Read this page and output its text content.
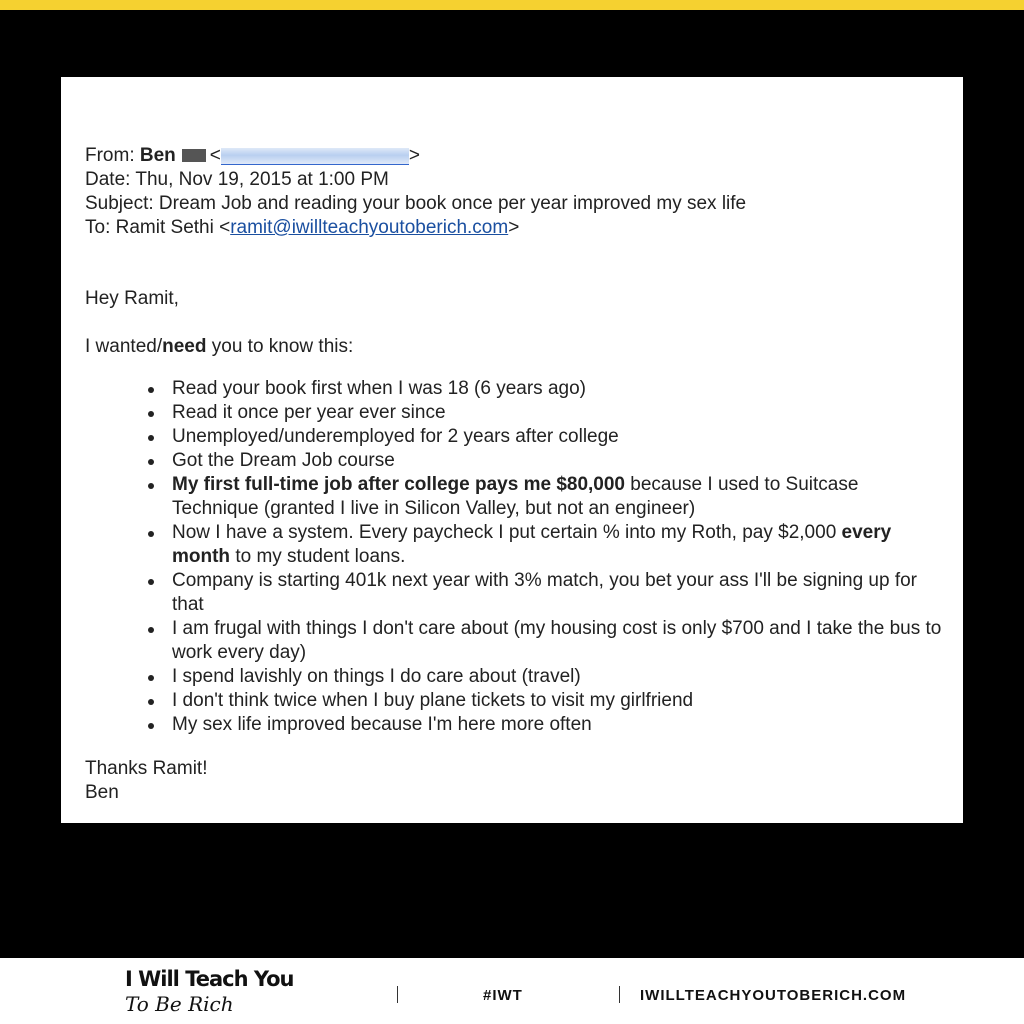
From: Ben <	>
Date: Thu, Nov 19, 2015 at 1:00 PM
Subject: Dream Job and reading your book once per year improved my sex life
To: Ramit Sethi <ramit@iwillteachyoutoberich.com>
Hey Ramit,
I wanted/need you to know this:
Read your book first when I was 18 (6 years ago)
Read it once per year ever since
Unemployed/underemployed for 2 years after college
Got the Dream Job course
My first full-time job after college pays me $80,000 because I used to Suitcase Technique (granted I live in Silicon Valley, but not an engineer)
Now I have a system. Every paycheck I put certain % into my Roth, pay $2,000 every month to my student loans.
Company is starting 401k next year with 3% match, you bet your ass I'll be signing up for that
I am frugal with things I don't care about (my housing cost is only $700 and I take the bus to work every day)
I spend lavishly on things I do care about (travel)
I don't think twice when I buy plane tickets to visit my girlfriend
My sex life improved because I'm here more often
Thanks Ramit!
Ben
I Will Teach You
To Be Rich	#IWT	IWILLTEACHYOUTOBERICH.COM
